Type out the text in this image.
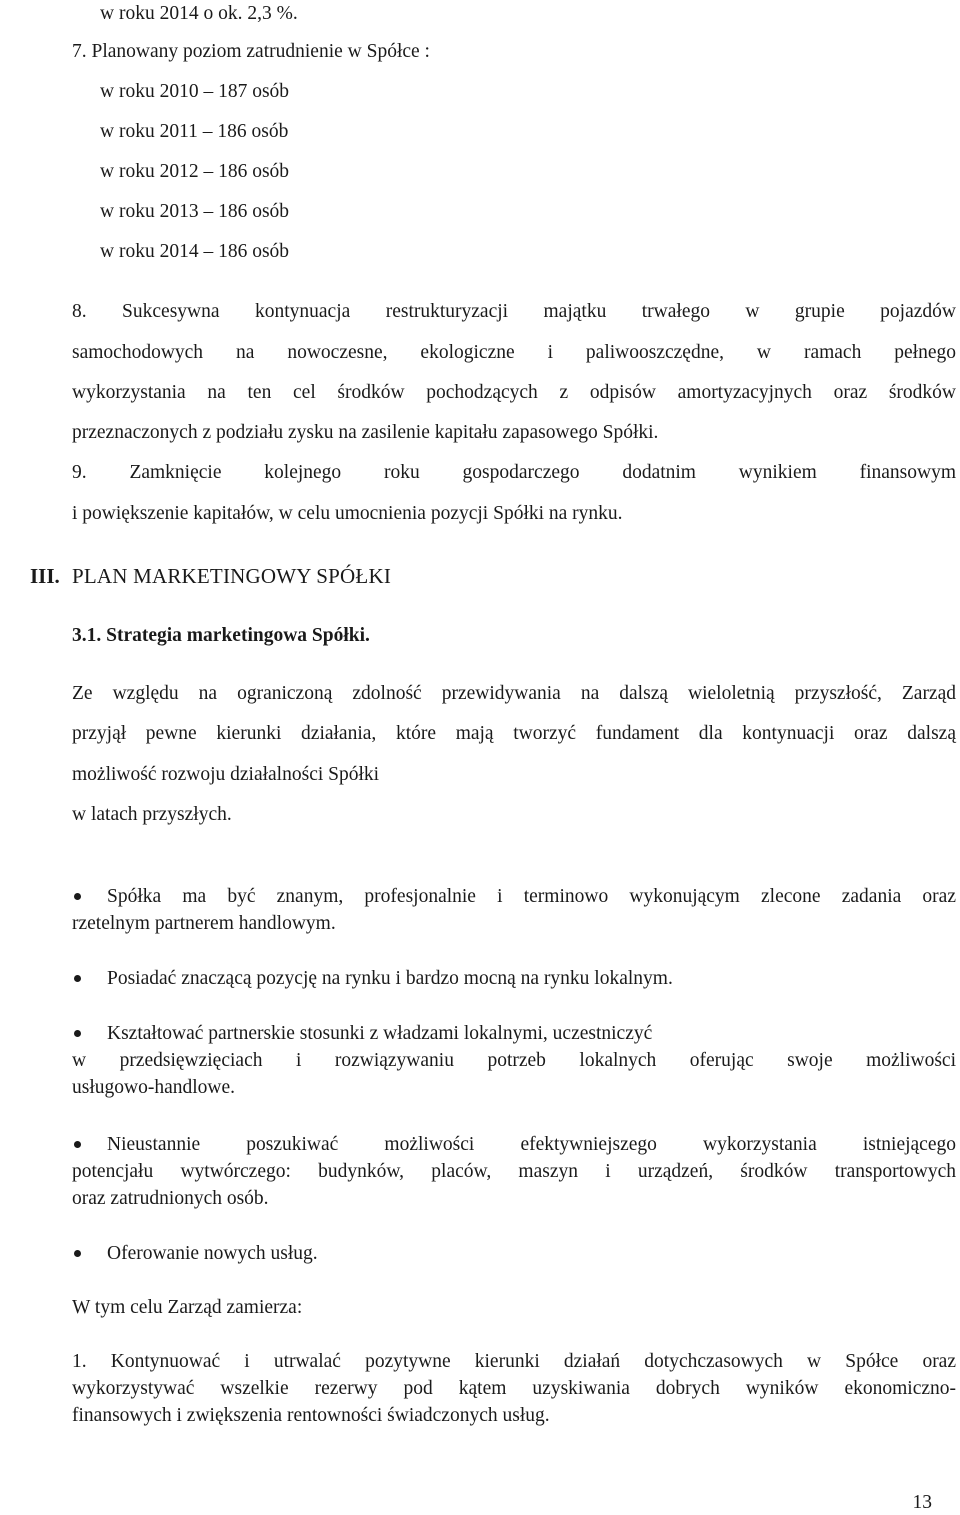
w roku 2014 o ok. 2,3 %.
7. Planowany poziom zatrudnienie w Spółce :
w roku 2010 – 187 osób
w roku 2011 – 186 osób
w roku 2012 – 186 osób
w roku 2013 – 186 osób
w roku 2014 – 186 osób
8. Sukcesywna kontynuacja restrukturyzacji majątku trwałego w grupie pojazdów
samochodowych na nowoczesne, ekologiczne i paliwooszczędne, w ramach pełnego
wykorzystania na ten cel środków pochodzących z odpisów amortyzacyjnych oraz środków
przeznaczonych z podziału zysku na zasilenie kapitału zapasowego Spółki.
9. Zamknięcie kolejnego roku gospodarczego dodatnim wynikiem finansowym
i powiększenie kapitałów, w celu umocnienia pozycji Spółki na rynku.
III. PLAN MARKETINGOWY SPÓŁKI
3.1. Strategia marketingowa Spółki.
Ze względu na ograniczoną zdolność przewidywania na dalszą wieloletnią przyszłość, Zarząd
przyjął pewne kierunki działania, które mają tworzyć fundament dla kontynuacji oraz dalszą
możliwość rozwoju działalności Spółki
w latach przyszłych.
Spółka ma być znanym, profesjonalnie i terminowo wykonującym zlecone zadania oraz
rzetelnym partnerem handlowym.
Posiadać znaczącą pozycję na rynku i bardzo mocną na rynku lokalnym.
Kształtować partnerskie stosunki z władzami lokalnymi, uczestniczyć
w przedsięwzięciach i rozwiązywaniu potrzeb lokalnych oferując swoje możliwości
usługowo-handlowe.
Nieustannie poszukiwać możliwości efektywniejszego wykorzystania istniejącego
potencjału wytwórczego: budynków, placów, maszyn i urządzeń, środków transportowych
oraz zatrudnionych osób.
Oferowanie nowych usług.
W tym celu Zarząd zamierza:
1. Kontynuować i utrwalać pozytywne kierunki działań dotychczasowych w Spółce oraz
wykorzystywać wszelkie rezerwy pod kątem uzyskiwania dobrych wyników ekonomiczno-
finansowych i zwiększenia rentowności świadczonych usług.
13
